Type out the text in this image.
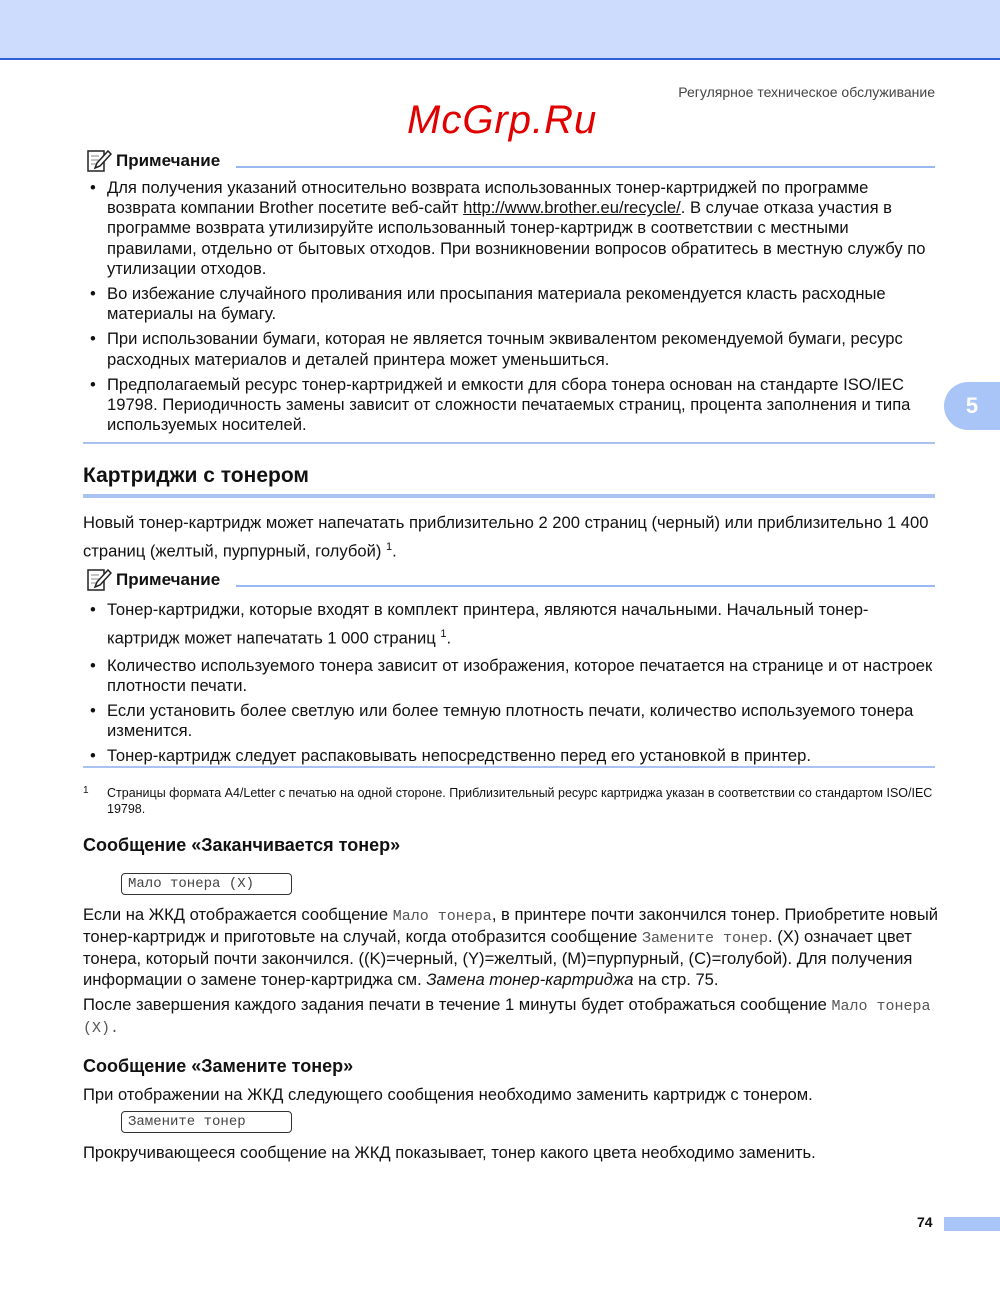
Регулярное техническое обслуживание
McGrp.Ru
Примечание
• Для получения указаний относительно возврата использованных тонер-картриджей по программе возврата компании Brother посетите веб-сайт http://www.brother.eu/recycle/. В случае отказа участия в программе возврата утилизируйте использованный тонер-картридж в соответствии с местными правилами, отдельно от бытовых отходов. При возникновении вопросов обратитесь в местную службу по утилизации отходов.
• Во избежание случайного проливания или просыпания материала рекомендуется класть расходные материалы на бумагу.
• При использовании бумаги, которая не является точным эквивалентом рекомендуемой бумаги, ресурс расходных материалов и деталей принтера может уменьшиться.
• Предполагаемый ресурс тонер-картриджей и емкости для сбора тонера основан на стандарте ISO/IEC 19798. Периодичность замены зависит от сложности печатаемых страниц, процента заполнения и типа используемых носителей.
5
Картриджи с тонером

Новый тонер-картридж может напечатать приблизительно 2 200 страниц (черный) или приблизительно 1 400 страниц (желтый, пурпурный, голубой) $^1$.

Примечание
• Тонер-картриджи, которые входят в комплект принтера, являются начальными. Начальный тонер-картридж может напечатать 1 000 страниц $^1$.
• Количество используемого тонера зависит от изображения, которое печатается на странице и от настроек плотности печати.
• Если установить более светлую или более темную плотность печати, количество используемого тонера изменится.
• Тонер-картридж следует распаковывать непосредственно перед его установкой в принтер.
1	Страницы формата A4/Letter с печатью на одной стороне. Приблизительный ресурс картриджа указан в соответствии со стандартом ISO/IEC 19798.
Сообщение «Заканчивается тонер»
Мало тонера (X)

Если на ЖКД отображается сообщение Мало тонера, в принтере почти закончился тонер. Приобретите новый тонер-картридж и приготовьте на случай, когда отобразится сообщение Замените тонер. (X) означает цвет тонера, который почти закончился. ((K)=черный, (Y)=желтый, (M)=пурпурный, (C)=голубой). Для получения информации о замене тонер-картриджа см. Замена тонер-картриджа на стр. 75.

После завершения каждого задания печати в течение 1 минуты будет отображаться сообщение Мало тонера (X).

Сообщение «Замените тонер»

При отображении на ЖКД следующего сообщения необходимо заменить картридж с тонером.

Замените тонер

Прокручивающееся сообщение на ЖКД показывает, тонер какого цвета необходимо заменить.

74
